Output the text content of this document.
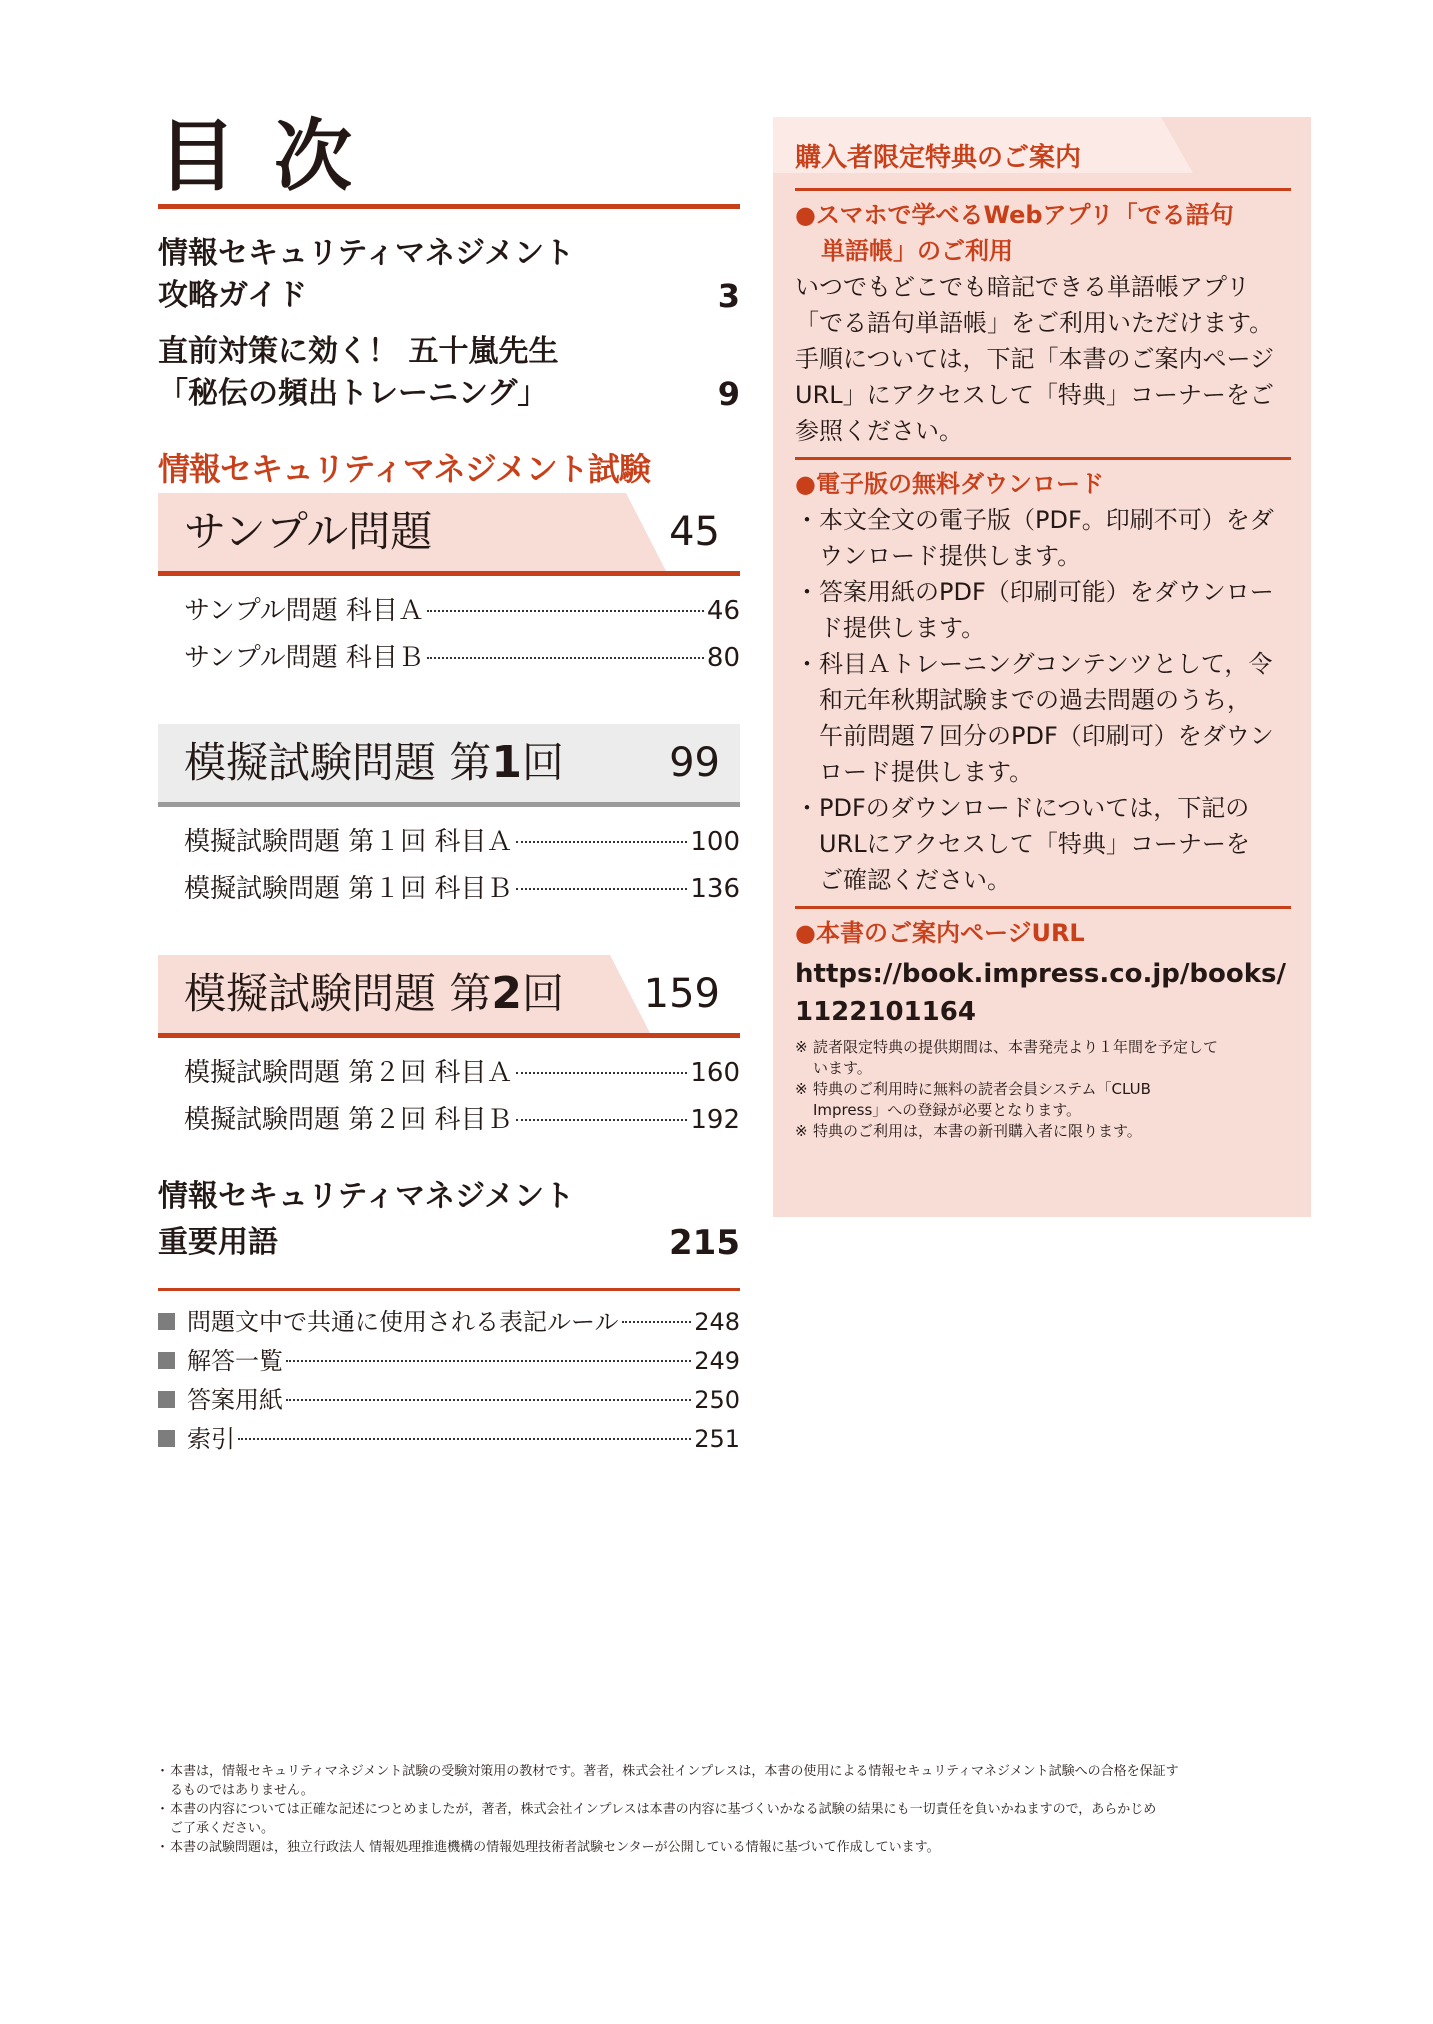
目次
情報セキュリティマネジメント
攻略ガイド	3
直前対策に効く！ 五十嵐先生
「秘伝の頻出トレーニング」	9
情報セキュリティマネジメント試験
サンプル問題	45
サンプル問題 科目Ａ	46
サンプル問題 科目Ｂ	80
模擬試験問題 第1回	99
模擬試験問題 第１回 科目Ａ	100
模擬試験問題 第１回 科目Ｂ	136
模擬試験問題 第2回 159
模擬試験問題 第２回 科目Ａ	160
模擬試験問題 第２回 科目Ｂ	192
情報セキュリティマネジメント
重要用語	215
問題文中で共通に使用される表記ルール	248
解答一覧	249
答案用紙	250
索引	251
購入者限定特典のご案内
●スマホで学べるWebアプリ「でる語句
単語帳」のご利用
いつでもどこでも暗記できる単語帳アプリ
「でる語句単語帳」をご利用いただけます。
手順については，下記「本書のご案内ページ
URL」にアクセスして「特典」コーナーをご
参照ください。
●電子版の無料ダウンロード
・ 本文全文の電子版（PDF。印刷不可）をダ
ウンロード提供します。
・ 答案用紙のPDF（印刷可能）をダウンロー
ド提供します。
・ 科目Ａトレーニングコンテンツとして，令
和元年秋期試験までの過去問題のうち，
午前問題７回分のPDF（印刷可）をダウン
ロード提供します。
・ PDFのダウンロードについては，下記の
URLにアクセスして「特典」コーナーを
ご確認ください。
●本書のご案内ページURL
https://book.impress.co.jp/books/
1122101164
※ 読者限定特典の提供期間は、本書発売より１年間を予定して
います。
※ 特典のご利用時に無料の読者会員システム「CLUB
Impress」への登録が必要となります。
※ 特典のご利用は，本書の新刊購入者に限ります。
・ 本書は，情報セキュリティマネジメント試験の受験対策用の教材です。著者，株式会社インプレスは，本書の使用による情報セキュリティマネジメント試験への合格を保証す
るものではありません。
・ 本書の内容については正確な記述につとめましたが，著者，株式会社インプレスは本書の内容に基づくいかなる試験の結果にも一切責任を負いかねますので，あらかじめ
ご了承ください。
・ 本書の試験問題は，独立行政法人 情報処理推進機構の情報処理技術者試験センターが公開している情報に基づいて作成しています。
